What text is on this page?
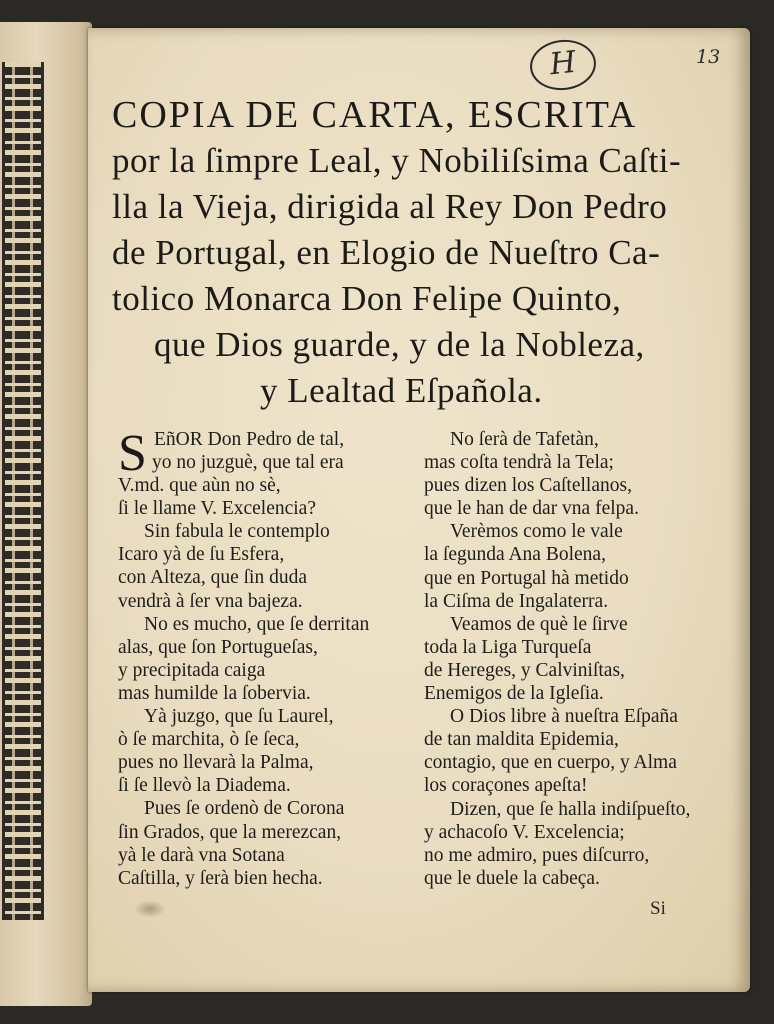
H	13
COPIA DE CARTA, ESCRITA
por la ſimpre Leal, y Nobiliſsima Caſti-
lla la Vieja, dirigida al Rey Don Pedro
de Portugal, en Elogio de Nueſtro Ca-
tolico Monarca Don Felipe Quinto,
que Dios guarde, y de la Nobleza,
y Lealtad Eſpañola.
S EñOR Don Pedro de tal,
yo no juzguè, que tal era
V.md. que aùn no sè,
ſi le llame V. Excelencia?
Sin fabula le contemplo
Icaro yà de ſu Esfera,
con Alteza, que ſin duda
vendrà à ſer vna bajeza.
No es mucho, que ſe derritan
alas, que ſon Portugueſas,
y precipitada caiga
mas humilde la ſobervia.
Yà juzgo, que ſu Laurel,
ò ſe marchita, ò ſe ſeca,
pues no llevarà la Palma,
ſi ſe llevò la Diadema.
Pues ſe ordenò de Corona
ſin Grados, que la merezcan,
yà le darà vna Sotana
Caſtilla, y ſerà bien hecha.
No ſerà de Tafetàn,
mas coſta tendrà la Tela;
pues dizen los Caſtellanos,
que le han de dar vna felpa.
Verèmos como le vale
la ſegunda Ana Bolena,
que en Portugal hà metido
la Ciſma de Ingalaterra.
Veamos de què le ſirve
toda la Liga Turqueſa
de Hereges, y Calviniſtas,
Enemigos de la Igleſia.
O Dios libre à nueſtra Eſpaña
de tan maldita Epidemia,
contagio, que en cuerpo, y Alma
los coraçones apeſta!
Dizen, que ſe halla indiſpueſto,
y achacoſo V. Excelencia;
no me admiro, pues diſcurro,
que le duele la cabeça.
Si
